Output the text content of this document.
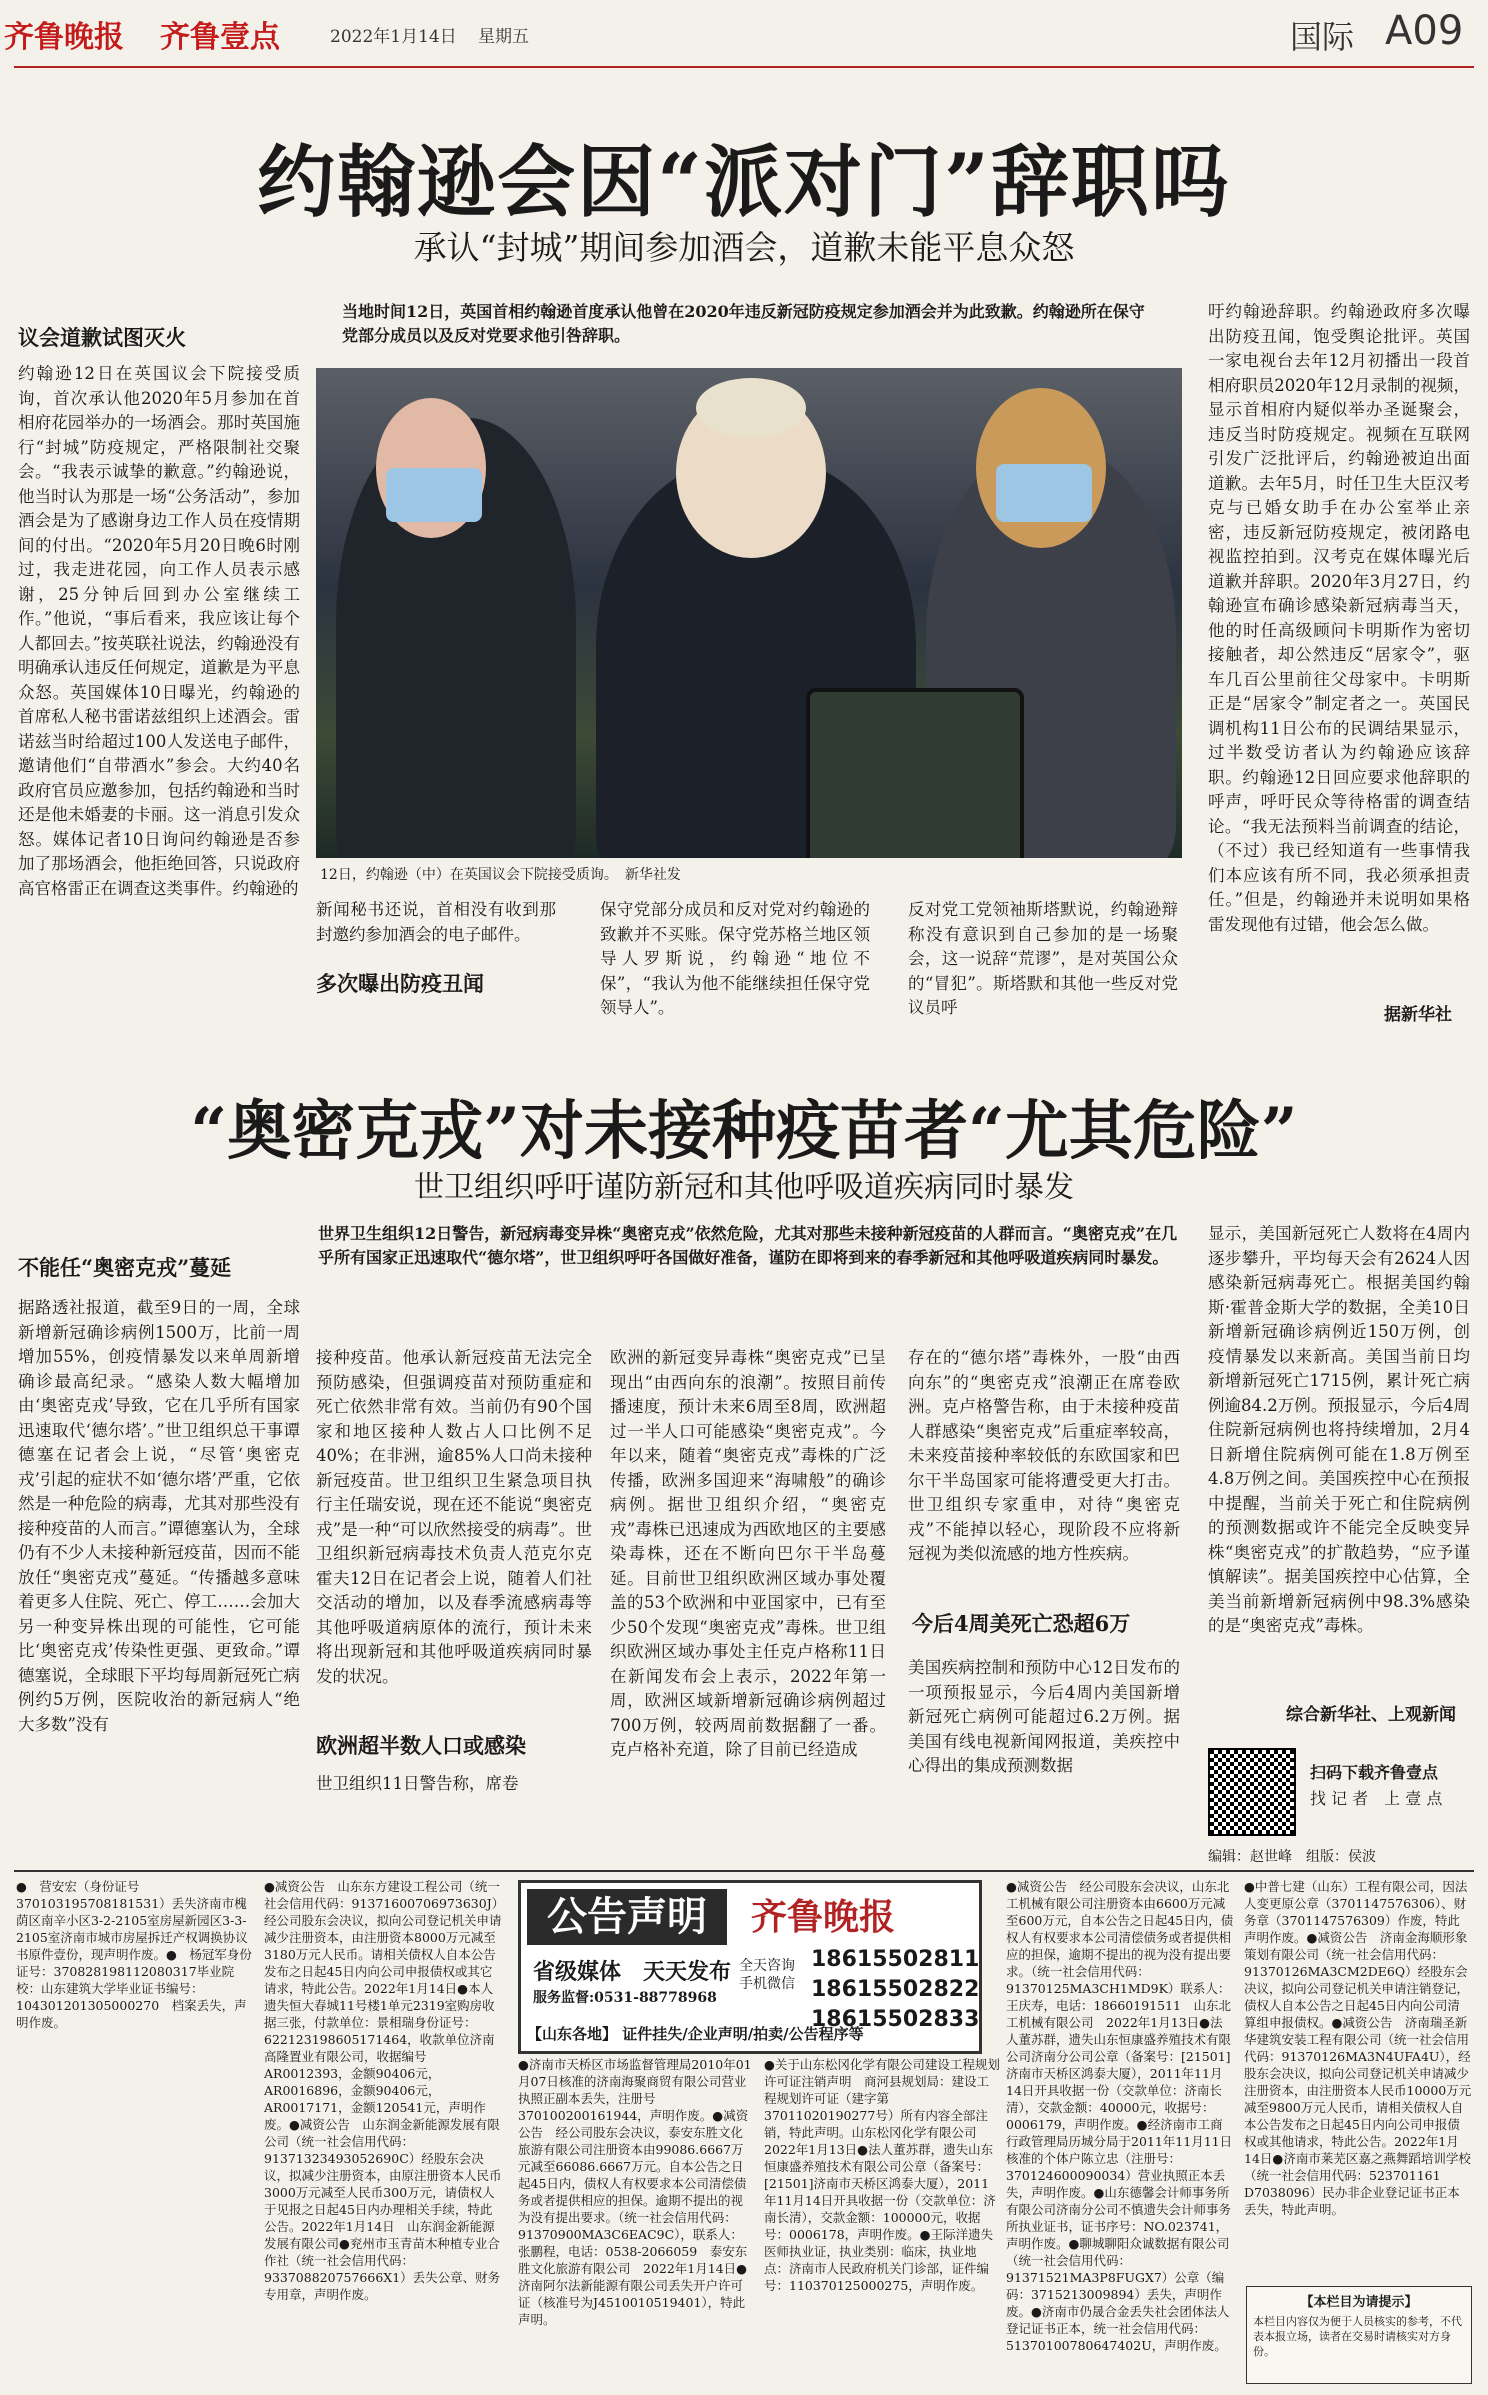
齐鲁晚报 齐鲁壹点	2022年1月14日 星期五	国际 A09
约翰逊会因“派对门”辞职吗
承认“封城”期间参加酒会，道歉未能平息众怒
议会道歉试图灭火

约翰逊12日在英国议会下院接受质询，首次承认他2020年5月参加在首相府花园举办的一场酒会。那时英国施行“封城”防疫规定，严格限制社交聚会。“我表示诚挚的歉意。”约翰逊说，他当时认为那是一场“公务活动”，参加酒会是为了感谢身边工作人员在疫情期间的付出。“2020年5月20日晚6时刚过，我走进花园，向工作人员表示感谢，25分钟后回到办公室继续工作。”他说，“事后看来，我应该让每个人都回去。”按英联社说法，约翰逊没有明确承认违反任何规定，道歉是为平息众怒。英国媒体10日曝光，约翰逊的首席私人秘书雷诺兹组织上述酒会。雷诺兹当时给超过100人发送电子邮件，邀请他们“自带酒水”参会。大约40名政府官员应邀参加，包括约翰逊和当时还是他未婚妻的卡丽。这一消息引发众怒。媒体记者10日询问约翰逊是否参加了那场酒会，他拒绝回答，只说政府高官格雷正在调查这类事件。约翰逊的

当地时间12日，英国首相约翰逊首度承认他曾在2020年违反新冠防疫规定参加酒会并为此致歉。约翰逊所在保守党部分成员以及反对党要求他引咎辞职。

12日，约翰逊（中）在英国议会下院接受质询。　新华社发

新闻秘书还说，首相没有收到那封邀约参加酒会的电子邮件。

多次曝出防疫丑闻

保守党部分成员和反对党对约翰逊的致歉并不买账。保守党苏格兰地区领导人罗斯说，约翰逊“地位不保”，“我认为他不能继续担任保守党领导人”。

反对党工党领袖斯塔默说，约翰逊辩称没有意识到自己参加的是一场聚会，这一说辞“荒谬”，是对英国公众的“冒犯”。斯塔默和其他一些反对党议员呼

吁约翰逊辞职。约翰逊政府多次曝出防疫丑闻，饱受舆论批评。英国一家电视台去年12月初播出一段首相府职员2020年12月录制的视频，显示首相府内疑似举办圣诞聚会，违反当时防疫规定。视频在互联网引发广泛批评后，约翰逊被迫出面道歉。去年5月，时任卫生大臣汉考克与已婚女助手在办公室举止亲密，违反新冠防疫规定，被闭路电视监控拍到。汉考克在媒体曝光后道歉并辞职。2020年3月27日，约翰逊宣布确诊感染新冠病毒当天，他的时任高级顾问卡明斯作为密切接触者，却公然违反“居家令”，驱车几百公里前往父母家中。卡明斯正是“居家令”制定者之一。英国民调机构11日公布的民调结果显示，过半数受访者认为约翰逊应该辞职。约翰逊12日回应要求他辞职的呼声，呼吁民众等待格雷的调查结论。“我无法预料当前调查的结论，（不过）我已经知道有一些事情我们本应该有所不同，我必须承担责任。”但是，约翰逊并未说明如果格雷发现他有过错，他会怎么做。

据新华社
“奥密克戎”对未接种疫苗者“尤其危险”
世卫组织呼吁谨防新冠和其他呼吸道疾病同时暴发
不能任“奥密克戎”蔓延

据路透社报道，截至9日的一周，全球新增新冠确诊病例1500万，比前一周增加55%，创疫情暴发以来单周新增确诊最高纪录。“感染人数大幅增加由‘奥密克戎’导致，它在几乎所有国家迅速取代‘德尔塔’。”世卫组织总干事谭德塞在记者会上说，“尽管‘奥密克戎’引起的症状不如‘德尔塔’严重，它依然是一种危险的病毒，尤其对那些没有接种疫苗的人而言。”谭德塞认为，全球仍有不少人未接种新冠疫苗，因而不能放任“奥密克戎”蔓延。“传播越多意味着更多人住院、死亡、停工……会加大另一种变异株出现的可能性，它可能比‘奥密克戎’传染性更强、更致命。”谭德塞说，全球眼下平均每周新冠死亡病例约5万例，医院收治的新冠病人“绝大多数”没有

世界卫生组织12日警告，新冠病毒变异株“奥密克戎”依然危险，尤其对那些未接种新冠疫苗的人群而言。“奥密克戎”在几乎所有国家正迅速取代“德尔塔”，世卫组织呼吁各国做好准备，谨防在即将到来的春季新冠和其他呼吸道疾病同时暴发。

接种疫苗。他承认新冠疫苗无法完全预防感染，但强调疫苗对预防重症和死亡依然非常有效。当前仍有90个国家和地区接种人数占人口比例不足40%；在非洲，逾85%人口尚未接种新冠疫苗。世卫组织卫生紧急项目执行主任瑞安说，现在还不能说“奥密克戎”是一种“可以欣然接受的病毒”。世卫组织新冠病毒技术负责人范克尔克霍夫12日在记者会上说，随着人们社交活动的增加，以及春季流感病毒等其他呼吸道病原体的流行，预计未来将出现新冠和其他呼吸道疾病同时暴发的状况。

欧洲超半数人口或感染

世卫组织11日警告称，席卷

欧洲的新冠变异毒株“奥密克戎”已呈现出“由西向东的浪潮”。按照目前传播速度，预计未来6周至8周，欧洲超过一半人口可能感染“奥密克戎”。今年以来，随着“奥密克戎”毒株的广泛传播，欧洲多国迎来“海啸般”的确诊病例。据世卫组织介绍，“奥密克戎”毒株已迅速成为西欧地区的主要感染毒株，还在不断向巴尔干半岛蔓延。目前世卫组织欧洲区域办事处覆盖的53个欧洲和中亚国家中，已有至少50个发现“奥密克戎”毒株。世卫组织欧洲区域办事处主任克卢格称11日在新闻发布会上表示，2022年第一周，欧洲区域新增新冠确诊病例超过700万例，较两周前数据翻了一番。克卢格补充道，除了目前已经造成

存在的“德尔塔”毒株外，一股“由西向东”的“奥密克戎”浪潮正在席卷欧洲。克卢格警告称，由于未接种疫苗人群感染“奥密克戎”后重症率较高，未来疫苗接种率较低的东欧国家和巴尔干半岛国家可能将遭受更大打击。世卫组织专家重申，对待“奥密克戎”不能掉以轻心，现阶段不应将新冠视为类似流感的地方性疾病。

今后4周美死亡恐超6万

美国疾病控制和预防中心12日发布的一项预报显示，今后4周内美国新增新冠死亡病例可能超过6.2万例。据美国有线电视新闻网报道，美疾控中心得出的集成预测数据

显示，美国新冠死亡人数将在4周内逐步攀升，平均每天会有2624人因感染新冠病毒死亡。根据美国约翰斯·霍普金斯大学的数据，全美10日新增新冠确诊病例近150万例，创疫情暴发以来新高。美国当前日均新增新冠死亡1715例，累计死亡病例逾84.2万例。预报显示，今后4周住院新冠病例也将持续增加，2月4日新增住院病例可能在1.8万例至4.8万例之间。美国疾控中心在预报中提醒，当前关于死亡和住院病例的预测数据或许不能完全反映变异株“奥密克戎”的扩散趋势，“应予谨慎解读”。据美国疾控中心估算，全美当前新增新冠病例中98.3%感染的是“奥密克戎”毒株。

综合新华社、上观新闻
扫码下载齐鲁壹点
找 记 者　上 壹 点
编辑：赵世峰　组版：侯波

●　营安宏（身份证号370103195708181531）丢失济南市槐荫区南辛小区3-2-2105室房屋新园区3-3-2105室济南市城市房屋拆迁产权调换协议书原件壹份，现声明作废。●　杨冠军身份证号：370828198112080317毕业院校：山东建筑大学毕业证书编号：104301201305000270　档案丢失，声明作废。

●减资公告　山东东方建设工程公司（统一社会信用代码：91371600706973630J）经公司股东会决议，拟向公司登记机关申请减少注册资本，由注册资本8000万元减至3180万元人民币。请相关债权人自本公告发布之日起45日内向公司申报债权或其它请求，特此公告。2022年1月14日●本人遗失恒大春城11号楼1单元2319室购房收据三张，付款单位：景相瑞身份证号：6221231986051714​64，收款单位济南高隆置业有限公司，收据编号AR0012393，金额90406元，AR0016896，金额90406元，AR0017171，金额120541元，声明作废。●减资公告　山东润金新能源发展有限公司（统一社会信用代码：91371323493052690C）经股东会决议，拟减少注册资本，由原注册资本人民币3000万元减至人民币300万元，请债权人于见报之日起45日内办理相关手续，特此公告。2022年1月14日　山东润金新能源发展有限公司●兖州市玉青苗木种植专业合作社（统一社会信用代码：93370882075766​6X1）丢失公章、财务专用章，声明作废。

公告声明	齐鲁晚报
省级媒体　天天发布
服务监督:0531-88778968
全天咨询 手机微信
18615502811
18615502822
18615502833
【山东各地】 证件挂失/企业声明/拍卖/公告程序等

●济南市天桥区市场监督管理局2010年01月07日核准的济南海聚商贸有限公司营业执照正副本丢失，注册号370100200161944，声明作废。●减资公告　经公司股东会决议，泰安东胜文化旅游有限公司注册资本由99086.6667万元减至66086.6667万元。自本公告之日起45日内，债权人有权要求本公司清偿债务或者提供相应的担保。逾期不提出的视为没有提出要求。（统一社会信用代码：91370900MA3C6EAC9C），联系人：张鹏程，电话：0538-2066059　泰安东胜文化旅游有限公司　2022年1月14日●济南阿尔法新能源有限公司丢失开户许可证（核准号为J4510010519401），特此声明。

●关于山东松冈化学有限公司建设工程规划许可证注销声明　商河县规划局：建设工程规划许可证（建字第37011020190277号）所有内容全部注销，特此声明。山东松冈化学有限公司　2022年1月13日●法人董苏群，遗失山东恒康盛养殖技术有限公司公章（备案号：[21501]济南市天桥区鸿泰大厦），2011年11月14日开具收据一份（交款单位：济南长清），交款金额：100000元，收据号：0006178，声明作废。●王际洋遗失医师执业证，执业类别：临床，执业地点：济南市人民政府机关门诊部，证件编号：110370125000275，声明作废。

●减资公告　经公司股东会决议，山东北工机械有限公司注册资本由6600万元减至600万元，自本公告之日起45日内，债权人有权要求本公司清偿债务或者提供相应的担保，逾期不提出的视为没有提出要求。（统一社会信用代码：91370125MA3CH1MD9K）联系人：王庆寿，电话：18660191511　山东北工机械有限公司　2022年1月13日●法人董苏群，遗失山东恒康盛养殖技术有限公司济南分公司公章（备案号：[21501]济南市天桥区鸿泰大厦），2011年11月14日开具收据一份（交款单位：济南长清），交款金额：40000元，收据号：0006179，声明作废。●经济南市工商行政管理局历城分局于2011年11月11日核准的个体户陈立忠（注册号：370124600090034）营业执照正本丢失，声明作废。●山东德馨会计师事务所有限公司济南分公司不慎遗失会计师事务所执业证书，证书序号：NO.023741，声明作废。●聊城聊阳众诚数据有限公司（统一社会信用代码：91371521MA3P8FUGX7）公章（编码：3715213009894）丢失，声明作废。●济南市仍晟合金丢失社会团体法人登记证书正本，统一社会信用代码：51370100780647402U，声明作废。

●中普七建（山东）工程有限公司，因法人变更原公章（370114757​6306）、财务章（3701147576​309）作废，特此声明作废。●减资公告　济南金海顺形象策划有限公司（统一社会信用代码：91370126MA3C​M2DE6Q）经股东会决议，拟向公司登记机关申请注销登记，债权人自本公告之日起45日内向公司清算组申报债权。●减资公告　济南瑞圣新华建筑安装工程有限公司（统一社会信用代码：91370126MA3N4UFA4U），经股东会决议，拟向公司登记机关申请减少注册资本，由注册资本人民币10000万元减至9800万元人民币，请相关债权人自本公告发布之日起45日内向公司申报债权或其他请求，特此公告。2022年1月14日●济南市莱芜区嘉之燕舞蹈培训学校（统一社会信用代码：523701161​D7038096）民办非企业登记证书正本丢失，特此声明。

【本栏目为请提示】
本栏目内容仅为便于人员核实的参考，不代表本报立场，读者在交易时请核实对方身份。
